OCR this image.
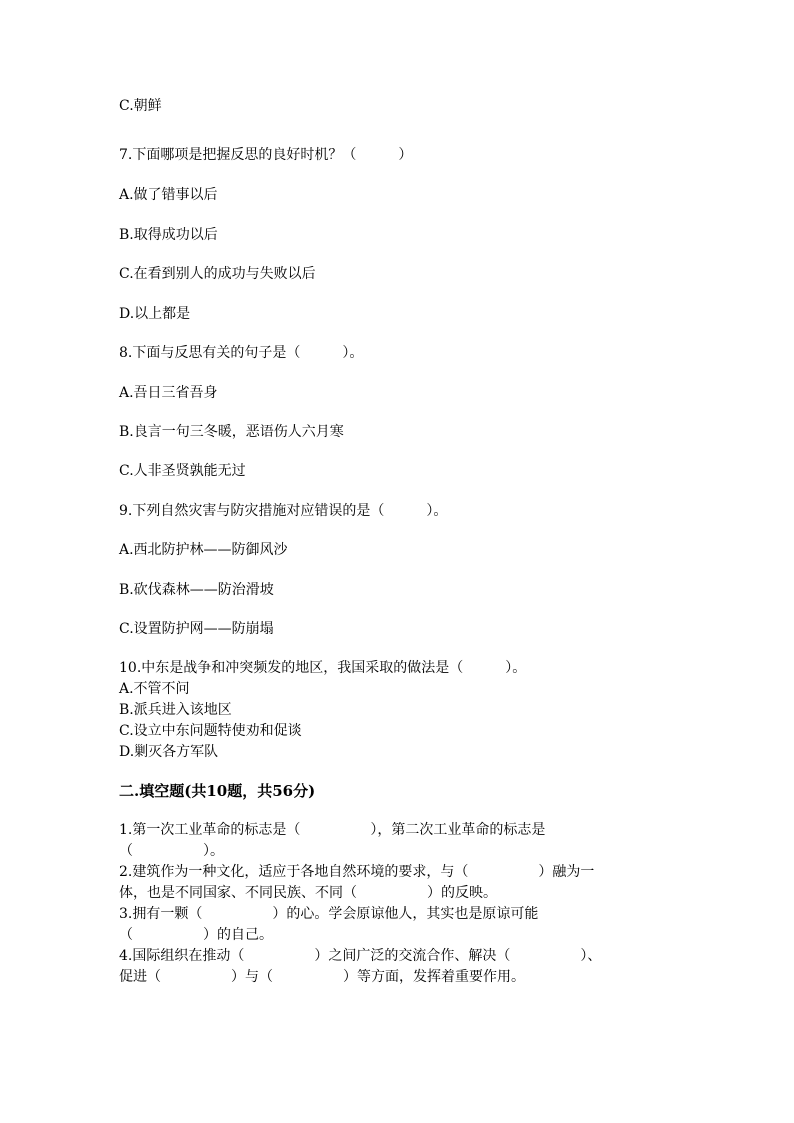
C.朝鲜
7.下面哪项是把握反思的良好时机？（　　　）
A.做了错事以后
B.取得成功以后
C.在看到别人的成功与失败以后
D.以上都是
8.下面与反思有关的句子是（　　　）。
A.吾日三省吾身
B.良言一句三冬暖，恶语伤人六月寒
C.人非圣贤孰能无过
9.下列自然灾害与防灾措施对应错误的是（　　　）。
A.西北防护林——防御风沙
B.砍伐森林——防治滑坡
C.设置防护网——防崩塌
10.中东是战争和冲突频发的地区，我国采取的做法是（　　　）。
A.不管不问
B.派兵进入该地区
C.设立中东问题特使劝和促谈
D.剿灭各方军队
二.填空题(共10题，共56分)
1.第一次工业革命的标志是（　　　　　），第二次工业革命的标志是
（　　　　　）。
2.建筑作为一种文化，适应于各地自然环境的要求，与（　　　　　）融为一
体，也是不同国家、不同民族、不同（　　　　　）的反映。
3.拥有一颗（　　　　　）的心。学会原谅他人，其实也是原谅可能
（　　　　　）的自己。
4.国际组织在推动（　　　　　）之间广泛的交流合作、解决（　　　　　）、
促进（　　　　　）与（　　　　　）等方面，发挥着重要作用。
